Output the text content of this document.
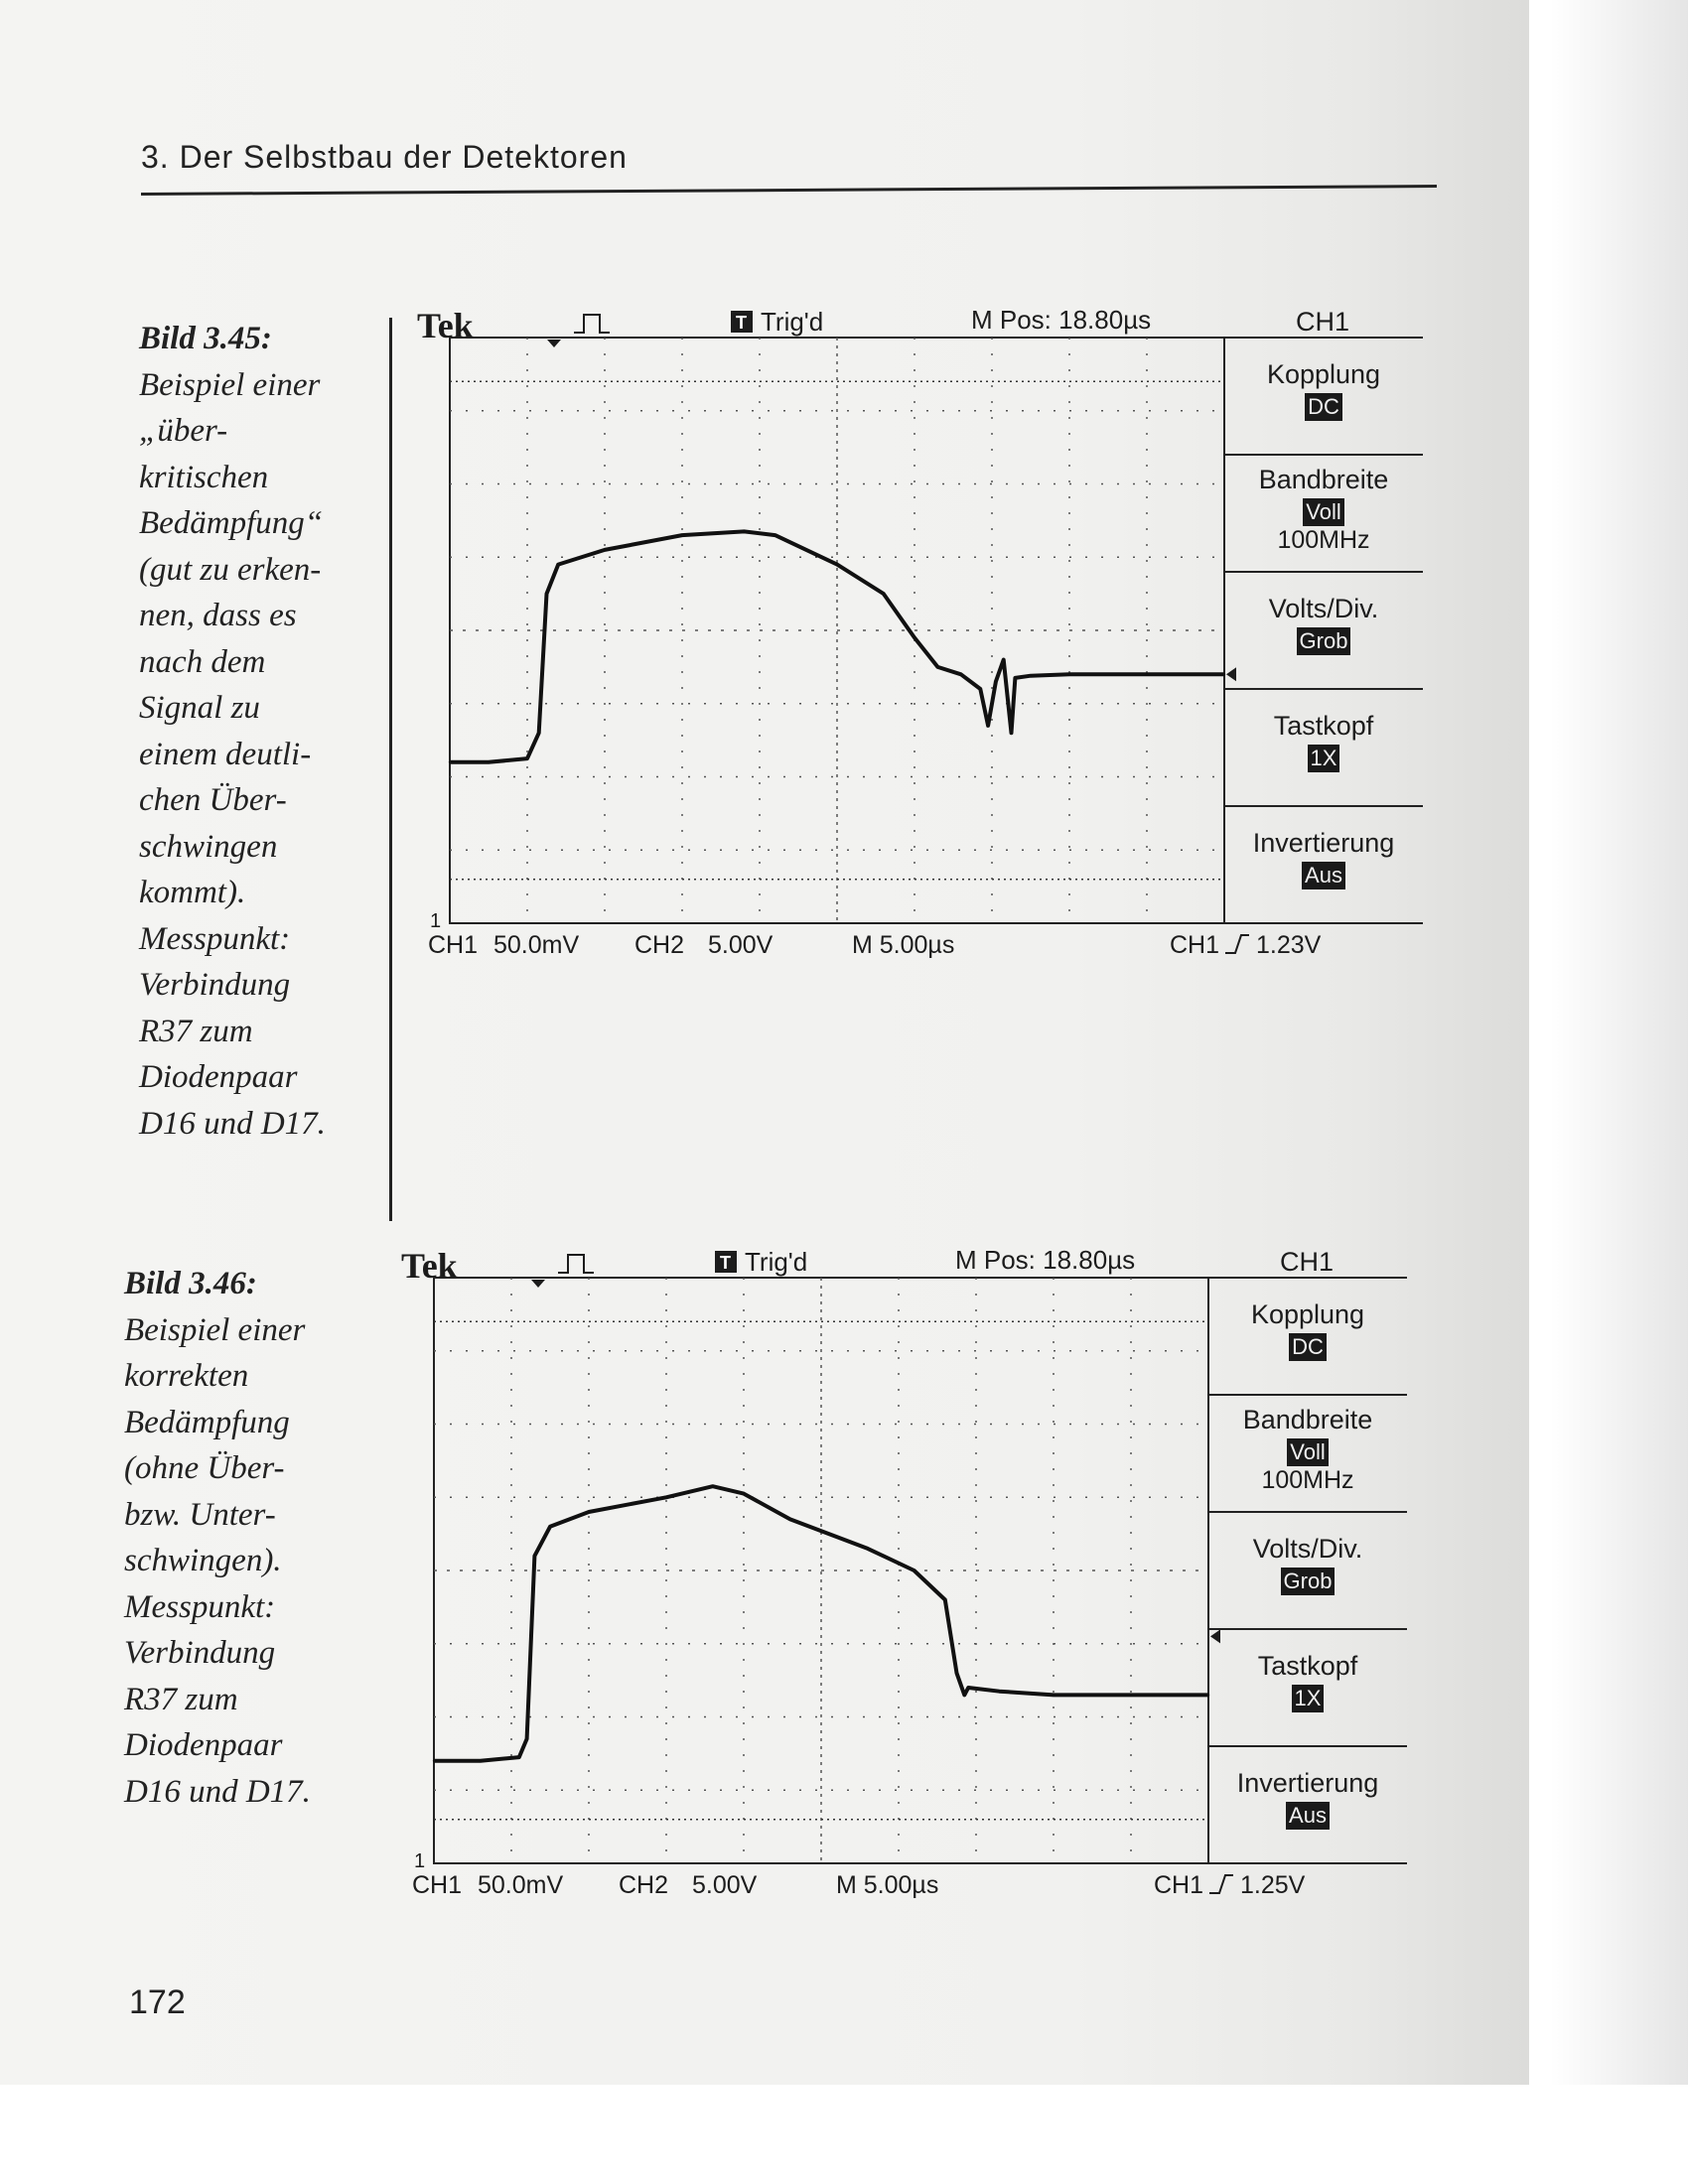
3. Der Selbstbau der Detektoren
Bild 3.45:
Beispiel einer
„über-
kritischen
Bedämpfung“
(gut zu erken-
nen, dass es
nach dem
Signal zu
einem deutli-
chen Über-
schwingen
kommt).
Messpunkt:
Verbindung
R37 zum
Diodenpaar
D16 und D17.
Bild 3.46:
Beispiel einer
korrekten
Bedämpfung
(ohne Über-
bzw. Unter-
schwingen).
Messpunkt:
Verbindung
R37 zum
Diodenpaar
D16 und D17.
Tek	T Trig'd	M Pos: 18.80µs
1
CH1 50.0mV CH2 5.00V	M 5.00µs	CH1 1.23V
CH1
Kopplung
DC
Bandbreite
Voll
100MHz
Volts/Div.
Grob
Tastkopf
1X
Invertierung
Aus
Tek	T Trig'd	M Pos: 18.80µs
1
CH1 50.0mV CH2 5.00V	M 5.00µs	CH1 1.25V
CH1
Kopplung
DC
Bandbreite
Voll
100MHz
Volts/Div.
Grob
Tastkopf
1X
Invertierung
Aus
172
